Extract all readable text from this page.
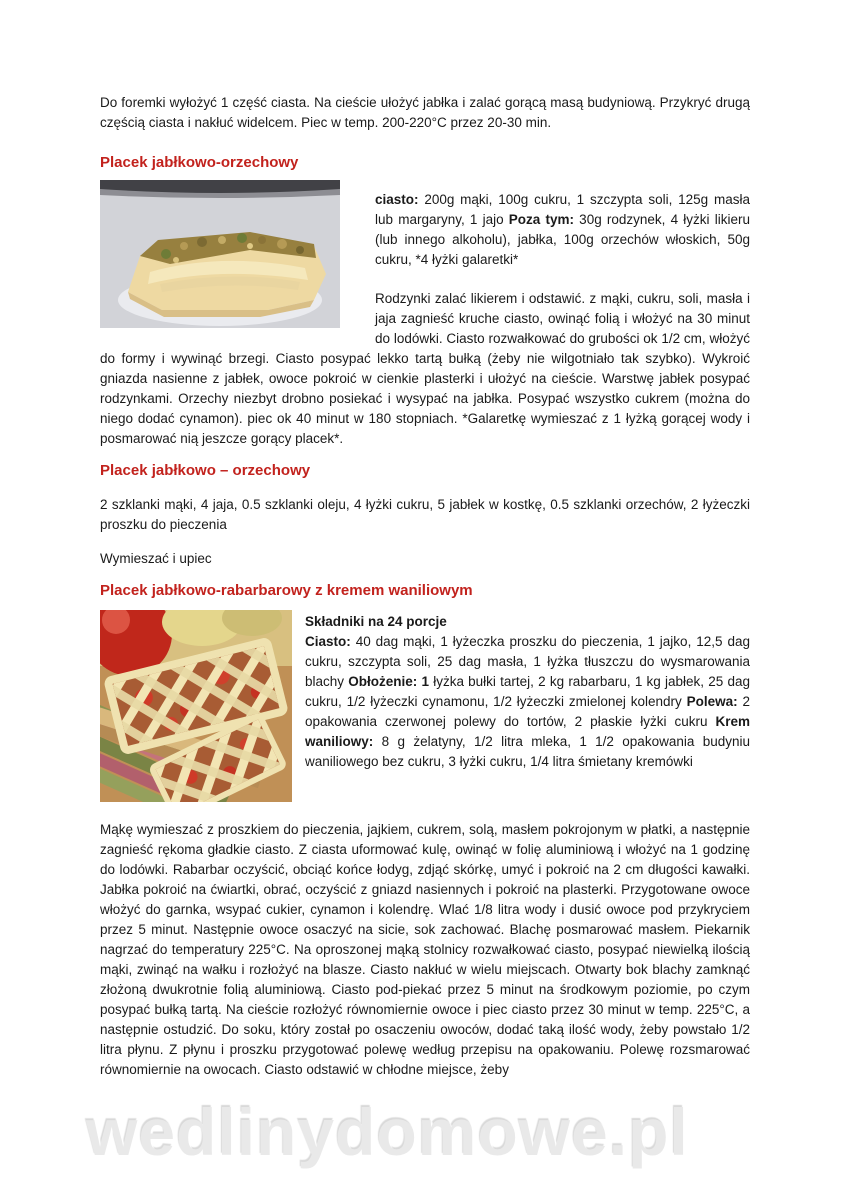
wedlinydomowe.pl

Do foremki wyłożyć 1 część ciasta. Na cieście ułożyć jabłka i zalać gorącą masą budyniową. Przykryć drugą częścią ciasta i nakłuć widelcem. Piec w temp. 200-220°C przez 20-30 min.

Placek jabłkowo-orzechowy

ciasto: 200g mąki, 100g cukru, 1 szczypta soli, 125g masła lub margaryny, 1 jajo Poza tym: 30g rodzynek, 4 łyżki likieru (lub innego alkoholu), jabłka, 100g orzechów włoskich, 50g cukru, *4 łyżki galaretki*

Rodzynki zalać likierem i odstawić. z mąki, cukru, soli, masła i jaja zagnieść kruche ciasto, owinąć folią i włożyć na 30 minut do lodówki. Ciasto rozwałkować do grubości ok 1/2 cm, włożyć do formy i wywinąć brzegi. Ciasto posypać lekko tartą bułką (żeby nie wilgotniało tak szybko). Wykroić gniazda nasienne z jabłek, owoce pokroić w cienkie plasterki i ułożyć na cieście. Warstwę jabłek posypać rodzynkami. Orzechy niezbyt drobno posiekać i wysypać na jabłka. Posypać wszystko cukrem (można do niego dodać cynamon). piec ok 40 minut w 180 stopniach. *Galaretkę wymieszać z 1 łyżką gorącej wody i posmarować nią jeszcze gorący placek*.

Placek jabłkowo – orzechowy

2 szklanki mąki, 4 jaja, 0.5 szklanki oleju, 4 łyżki cukru, 5 jabłek w kostkę, 0.5 szklanki orzechów, 2 łyżeczki proszku do pieczenia

Wymieszać i upiec

Placek jabłkowo-rabarbarowy z kremem waniliowym

Składniki na 24 porcje

Ciasto: 40 dag mąki, 1 łyżeczka proszku do pieczenia, 1 jajko, 12,5 dag cukru, szczypta soli, 25 dag masła, 1 łyżka tłuszczu do wysmarowania blachy Obłożenie: 1 łyżka bułki tartej, 2 kg rabarbaru, 1 kg jabłek, 25 dag cukru, 1/2 łyżeczki cynamonu, 1/2 łyżeczki zmielonej kolendry Polewa: 2 opakowania czerwonej polewy do tortów, 2 płaskie łyżki cukru Krem waniliowy: 8 g żelatyny, 1/2 litra mleka, 1 1/2 opakowania budyniu waniliowego bez cukru, 3 łyżki cukru, 1/4 litra śmietany kremówki

Mąkę wymieszać z proszkiem do pieczenia, jajkiem, cukrem, solą, masłem pokrojonym w płatki, a następnie zagnieść rękoma gładkie ciasto. Z ciasta uformować kulę, owinąć w folię aluminiową i włożyć na 1 godzinę do lodówki. Rabarbar oczyścić, obciąć końce łodyg, zdjąć skórkę, umyć i pokroić na 2 cm długości kawałki. Jabłka pokroić na ćwiartki, obrać, oczyścić z gniazd nasiennych i pokroić na plasterki. Przygotowane owoce włożyć do garnka, wsypać cukier, cynamon i kolendrę. Wlać 1/8 litra wody i dusić owoce pod przykryciem przez 5 minut. Następnie owoce osaczyć na sicie, sok zachować. Blachę posmarować masłem. Piekarnik nagrzać do temperatury 225°C. Na oproszonej mąką stolnicy rozwałkować ciasto, posypać niewielką ilością mąki, zwinąć na wałku i rozłożyć na blasze. Ciasto nakłuć w wielu miejscach. Otwarty bok blachy zamknąć złożoną dwukrotnie folią aluminiową. Ciasto pod-piekać przez 5 minut na środkowym poziomie, po czym posypać bułką tartą. Na cieście rozłożyć równomiernie owoce i piec ciasto przez 30 minut w temp. 225°C, a następnie ostudzić. Do soku, który został po osaczeniu owoców, dodać taką ilość wody, żeby powstało 1/2 litra płynu. Z płynu i proszku przygotować polewę według przepisu na opakowaniu. Polewę rozsmarować równomiernie na owocach. Ciasto odstawić w chłodne miejsce, żeby
